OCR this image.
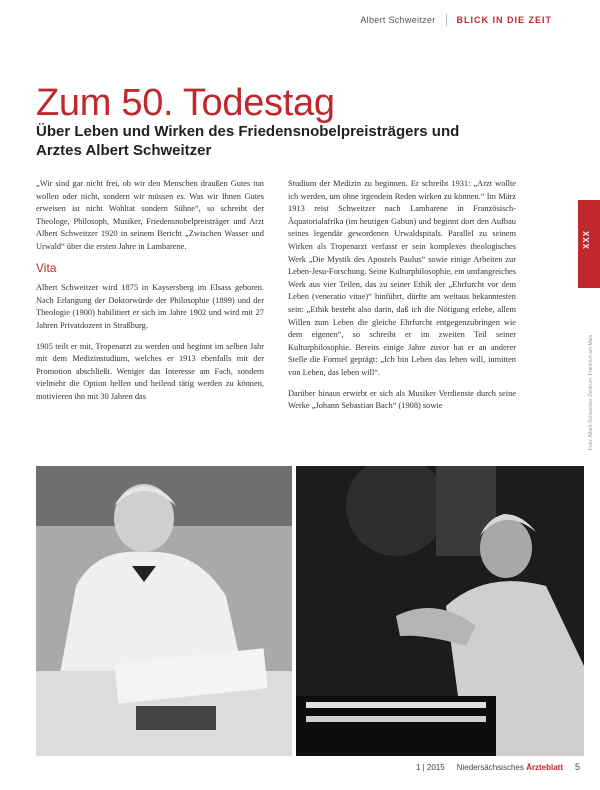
Albert Schweitzer BLICK IN DIE ZEIT
Zum 50. Todestag
Über Leben und Wirken des Friedensnobelpreisträgers und Arztes Albert Schweitzer

„Wir sind gar nicht frei, ob wir den Menschen draußen Gutes tun wollen oder nicht, sondern wir müssen es. Was wir Ihnen Gutes erweisen ist nicht Wohltat sondern Sühne“, so schreibt der Theologe, Philosoph, Musiker, Friedensnobelpreisträger und Arzt Albert Schweitzer 1920 in seinem Bericht „Zwischen Wasser und Urwald“ über die ersten Jahre in Lambarene.

Vita

Albert Schweitzer wird 1875 in Kaysersberg im Elsass geboren. Nach Erlangung der Doktorwürde der Philosophie (1899) und der Theologie (1900) habilitiert er sich im Jahre 1902 und wird mit 27 Jahren Privatdozent in Straßburg.

1905 teilt er mit, Tropenarzt zu werden und beginnt im selben Jahr mit dem Medizinstudium, welches er 1913 ebenfalls mit der Promotion abschließt. Weniger das Interesse am Fach, sondern vielmehr die Option helfen und heilend tätig werden zu können, motivieren ihn mit 30 Jahren das

Studium der Medizin zu beginnen. Er schreibt 1931: „Arzt wollte ich werden, um ohne irgendein Reden wirken zu können.“ Im März 1913 reist Schweitzer nach Lambarene in Französisch-Äquatorialafrika (im heutigen Gabun) und beginnt dort den Aufbau seines legendär gewordenen Urwaldspitals. Parallel zu seinem Wirken als Tropenarzt verfasst er sein komplexes theologisches Werk „Die Mystik des Apostels Paulus“ sowie einige Arbeiten zur Leben-Jesu-Forschung. Seine Kulturphilosophie, ein umfangreiches Werk aus vier Teilen, das zu seiner Ethik der „Ehrfurcht vor dem Leben (veneratio vitae)“ hinführt, dürfte am weitaus bekanntesten sein: „Ethik besteht also darin, daß ich die Nötigung erlebe, allem Willen zum Leben die gleiche Ehrfurcht entgegenzubringen wie dem eigenen“, so schreibt er im zweiten Teil seiner Kulturphilosophie. Bereits einige Jahre zuvor hat er an anderer Stelle die Formel geprägt: „Ich bin Leben das leben will, inmitten von Leben, das leben will“.

Darüber hinaus erwirbt er sich als Musiker Verdienste durch seine Werke „Johann Sebastian Bach“ (1908) sowie

XXX
Foto: Albert-Schweitzer-Zentrum, Frankfurt am Main
1 | 2015 Niedersächsisches Ärzteblatt 5
